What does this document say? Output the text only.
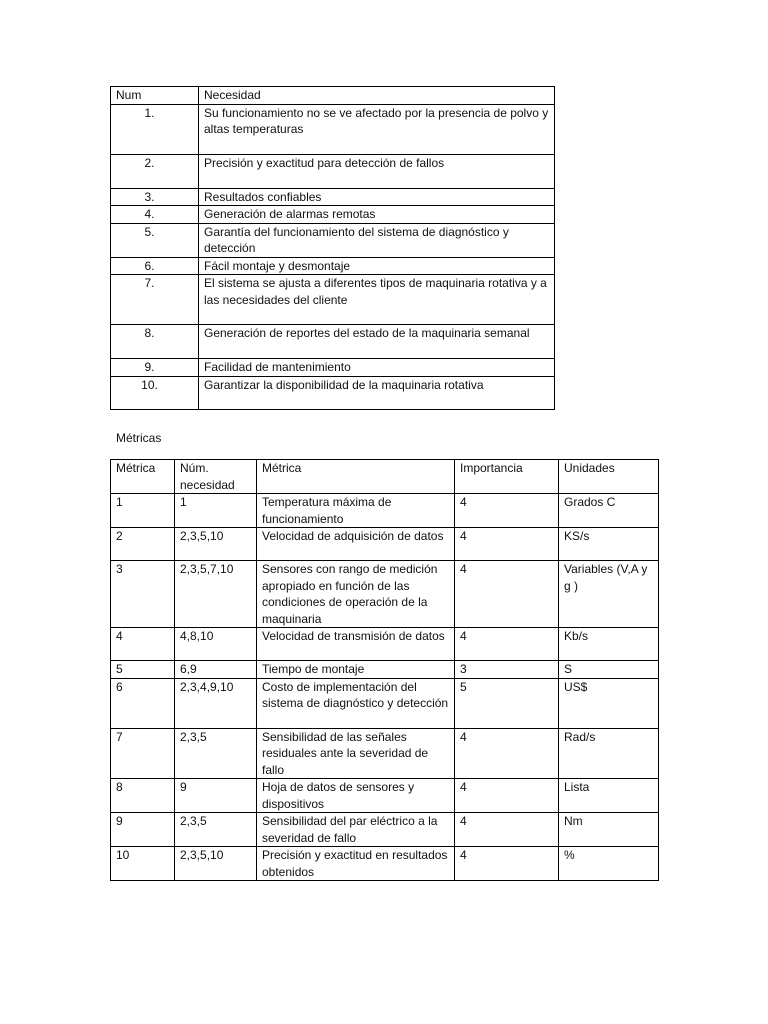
Num	Necesidad
1.	Su funcionamiento no se ve afectado por la presencia de polvo y altas temperaturas
2.	Precisión y exactitud para detección de fallos
3.	Resultados confiables
4.	Generación de alarmas remotas
5.	Garantía del funcionamiento del sistema de diagnóstico y detección
6.	Fácil montaje y desmontaje
7.	El sistema se ajusta a diferentes tipos de maquinaria rotativa y a las necesidades del cliente
8.	Generación de reportes del estado de la maquinaria semanal
9.	Facilidad de mantenimiento
10.	Garantizar la disponibilidad de la maquinaria rotativa
Métricas
Métrica	Núm. necesidad	Métrica	Importancia	Unidades
1	1	Temperatura máxima de funcionamiento	4	Grados C
2	2,3,5,10	Velocidad de adquisición de datos	4	KS/s
3	2,3,5,7,10	Sensores con rango de medición apropiado en función de las condiciones de operación de la maquinaria	4	Variables (V,A y g )
4	4,8,10	Velocidad de transmisión de datos	4	Kb/s
5	6,9	Tiempo de montaje	3	S
6	2,3,4,9,10	Costo de implementación del sistema de diagnóstico y detección	5	US$
7	2,3,5	Sensibilidad de las señales residuales ante la severidad de fallo	4	Rad/s
8	9	Hoja de datos de sensores y dispositivos	4	Lista
9	2,3,5	Sensibilidad del par eléctrico a la severidad de fallo	4	Nm
10	2,3,5,10	Precisión y exactitud en resultados obtenidos	4	%
